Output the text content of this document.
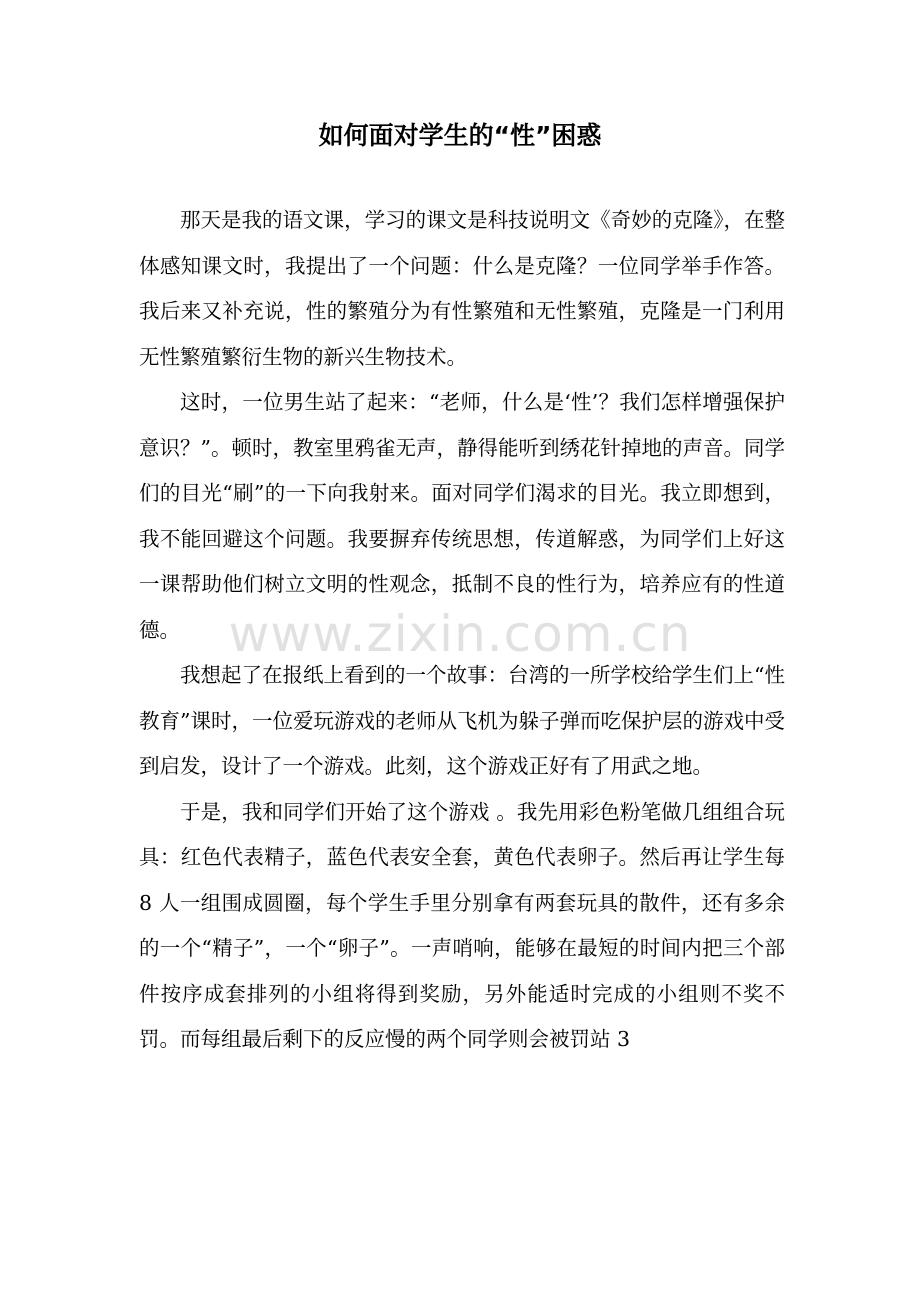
如何面对学生的“性”困惑

那天是我的语文课，学习的课文是科技说明文《奇妙的克隆》，在整体感知课文时，我提出了一个问题：什么是克隆？一位同学举手作答。我后来又补充说，性的繁殖分为有性繁殖和无性繁殖，克隆是一门利用无性繁殖繁衍生物的新兴生物技术。

这时，一位男生站了起来：“老师，什么是‘性’？我们怎样增强保护意识？”。顿时，教室里鸦雀无声，静得能听到绣花针掉地的声音。同学们的目光“刷”的一下向我射来。面对同学们渴求的目光。我立即想到，我不能回避这个问题。我要摒弃传统思想，传道解惑，为同学们上好这一课帮助他们树立文明的性观念，抵制不良的性行为，培养应有的性道德。

我想起了在报纸上看到的一个故事：台湾的一所学校给学生们上“性教育”课时，一位爱玩游戏的老师从飞机为躲子弹而吃保护层的游戏中受到启发，设计了一个游戏。此刻，这个游戏正好有了用武之地。

于是，我和同学们开始了这个游戏 。我先用彩色粉笔做几组组合玩具：红色代表精子，蓝色代表安全套，黄色代表卵子。然后再让学生每 8 人一组围成圆圈，每个学生手里分别拿有两套玩具的散件，还有多余的一个“精子”，一个“卵子”。一声哨响，能够在最短的时间内把三个部件按序成套排列的小组将得到奖励，另外能适时完成的小组则不奖不罚。而每组最后剩下的反应慢的两个同学则会被罚站 3

www.zixin.com.cn
